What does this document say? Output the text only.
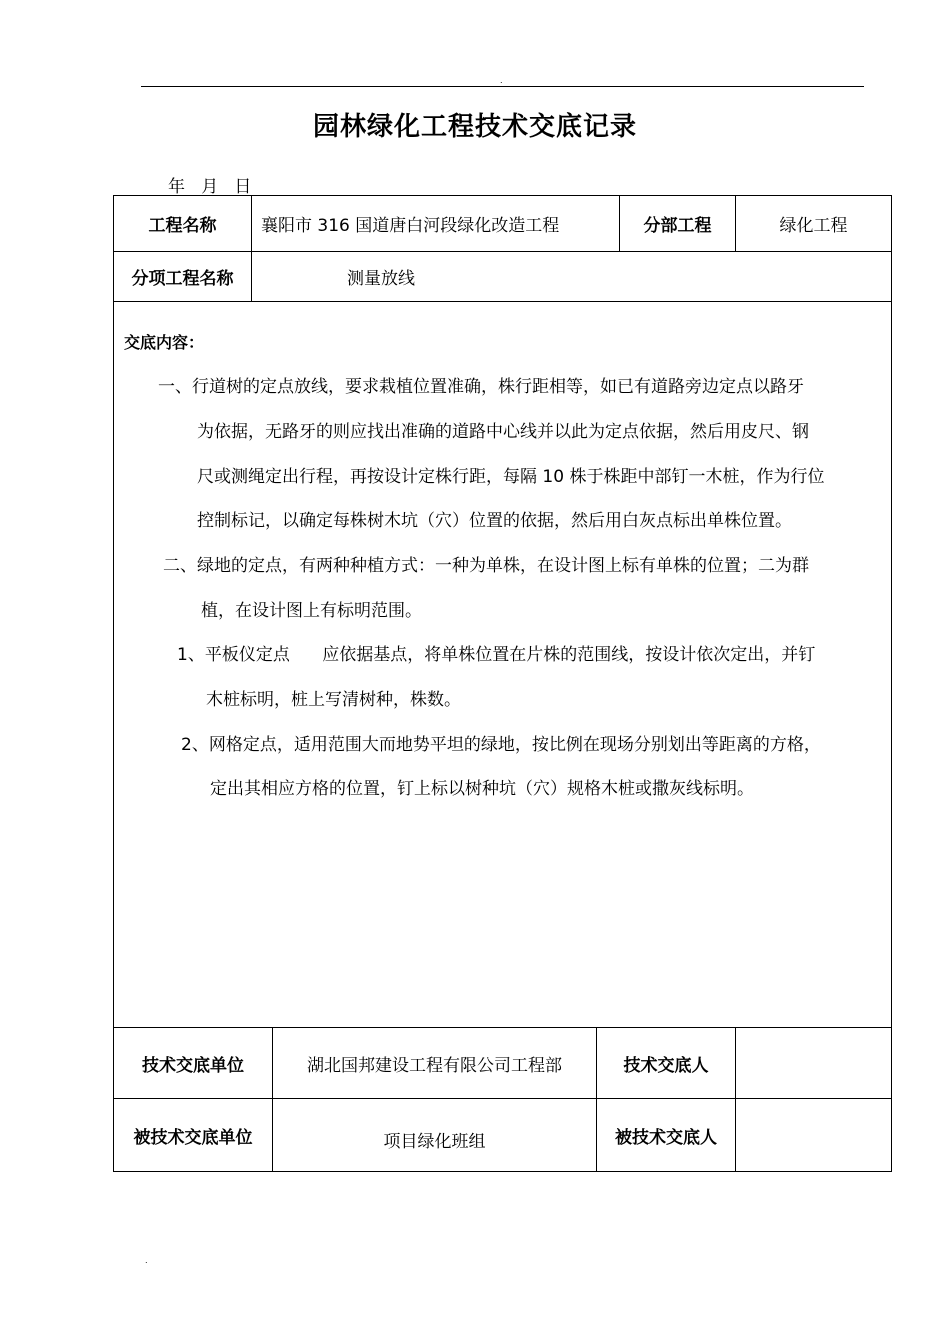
.
园林绿化工程技术交底记录
年   月   日
工程名称	襄阳市 316 国道唐白河段绿化改造工程	分部工程	绿化工程
分项工程名称	测量放线
交底内容：
一、行道树的定点放线，要求栽植位置准确，株行距相等，如已有道路旁边定点以路牙
为依据，无路牙的则应找出准确的道路中心线并以此为定点依据，然后用皮尺、钢
尺或测绳定出行程，再按设计定株行距，每隔 10 株于株距中部钉一木桩，作为行位
控制标记，以确定每株树木坑（穴）位置的依据，然后用白灰点标出单株位置。
二、绿地的定点，有两种种植方式：一种为单株，在设计图上标有单株的位置；二为群
植，在设计图上有标明范围。
1、平板仪定点      应依据基点，将单株位置在片株的范围线，按设计依次定出，并钉
木桩标明，桩上写清树种，株数。
2、网格定点，适用范围大而地势平坦的绿地，按比例在现场分别划出等距离的方格，
定出其相应方格的位置，钉上标以树种坑（穴）规格木桩或撒灰线标明。
技术交底单位	湖北国邦建设工程有限公司工程部	技术交底人
被技术交底单位	项目绿化班组	被技术交底人
.
